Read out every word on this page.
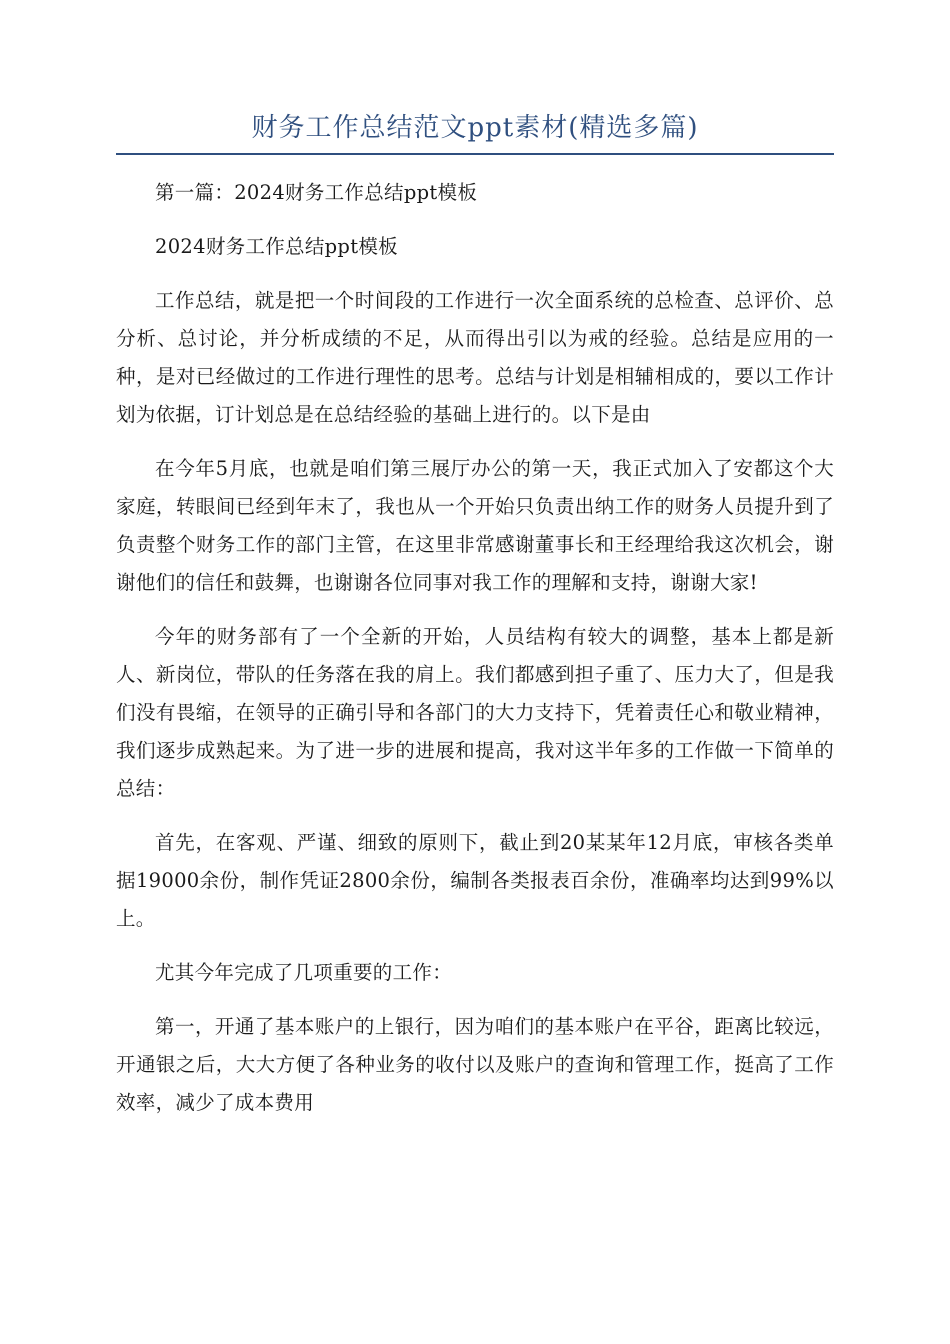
财务工作总结范文ppt素材(精选多篇)

第一篇：2024财务工作总结ppt模板

2024财务工作总结ppt模板

工作总结，就是把一个时间段的工作进行一次全面系统的总检查、总评价、总分析、总讨论，并分析成绩的不足，从而得出引以为戒的经验。总结是应用的一种，是对已经做过的工作进行理性的思考。总结与计划是相辅相成的，要以工作计划为依据，订计划总是在总结经验的基础上进行的。以下是由

在今年5月底，也就是咱们第三展厅办公的第一天，我正式加入了安都这个大家庭，转眼间已经到年末了，我也从一个开始只负责出纳工作的财务人员提升到了负责整个财务工作的部门主管，在这里非常感谢董事长和王经理给我这次机会，谢谢他们的信任和鼓舞，也谢谢各位同事对我工作的理解和支持，谢谢大家!

今年的财务部有了一个全新的开始，人员结构有较大的调整，基本上都是新人、新岗位，带队的任务落在我的肩上。我们都感到担子重了、压力大了，但是我们没有畏缩，在领导的正确引导和各部门的大力支持下，凭着责任心和敬业精神，我们逐步成熟起来。为了进一步的进展和提高，我对这半年多的工作做一下简单的总结：

首先，在客观、严谨、细致的原则下，截止到20某某年12月底，审核各类单据19000余份，制作凭证2800余份，编制各类报表百余份，准确率均达到99%以上。

尤其今年完成了几项重要的工作：

第一，开通了基本账户的上银行，因为咱们的基本账户在平谷，距离比较远，开通银之后，大大方便了各种业务的收付以及账户的查询和管理工作，挺高了工作效率，减少了成本费用
